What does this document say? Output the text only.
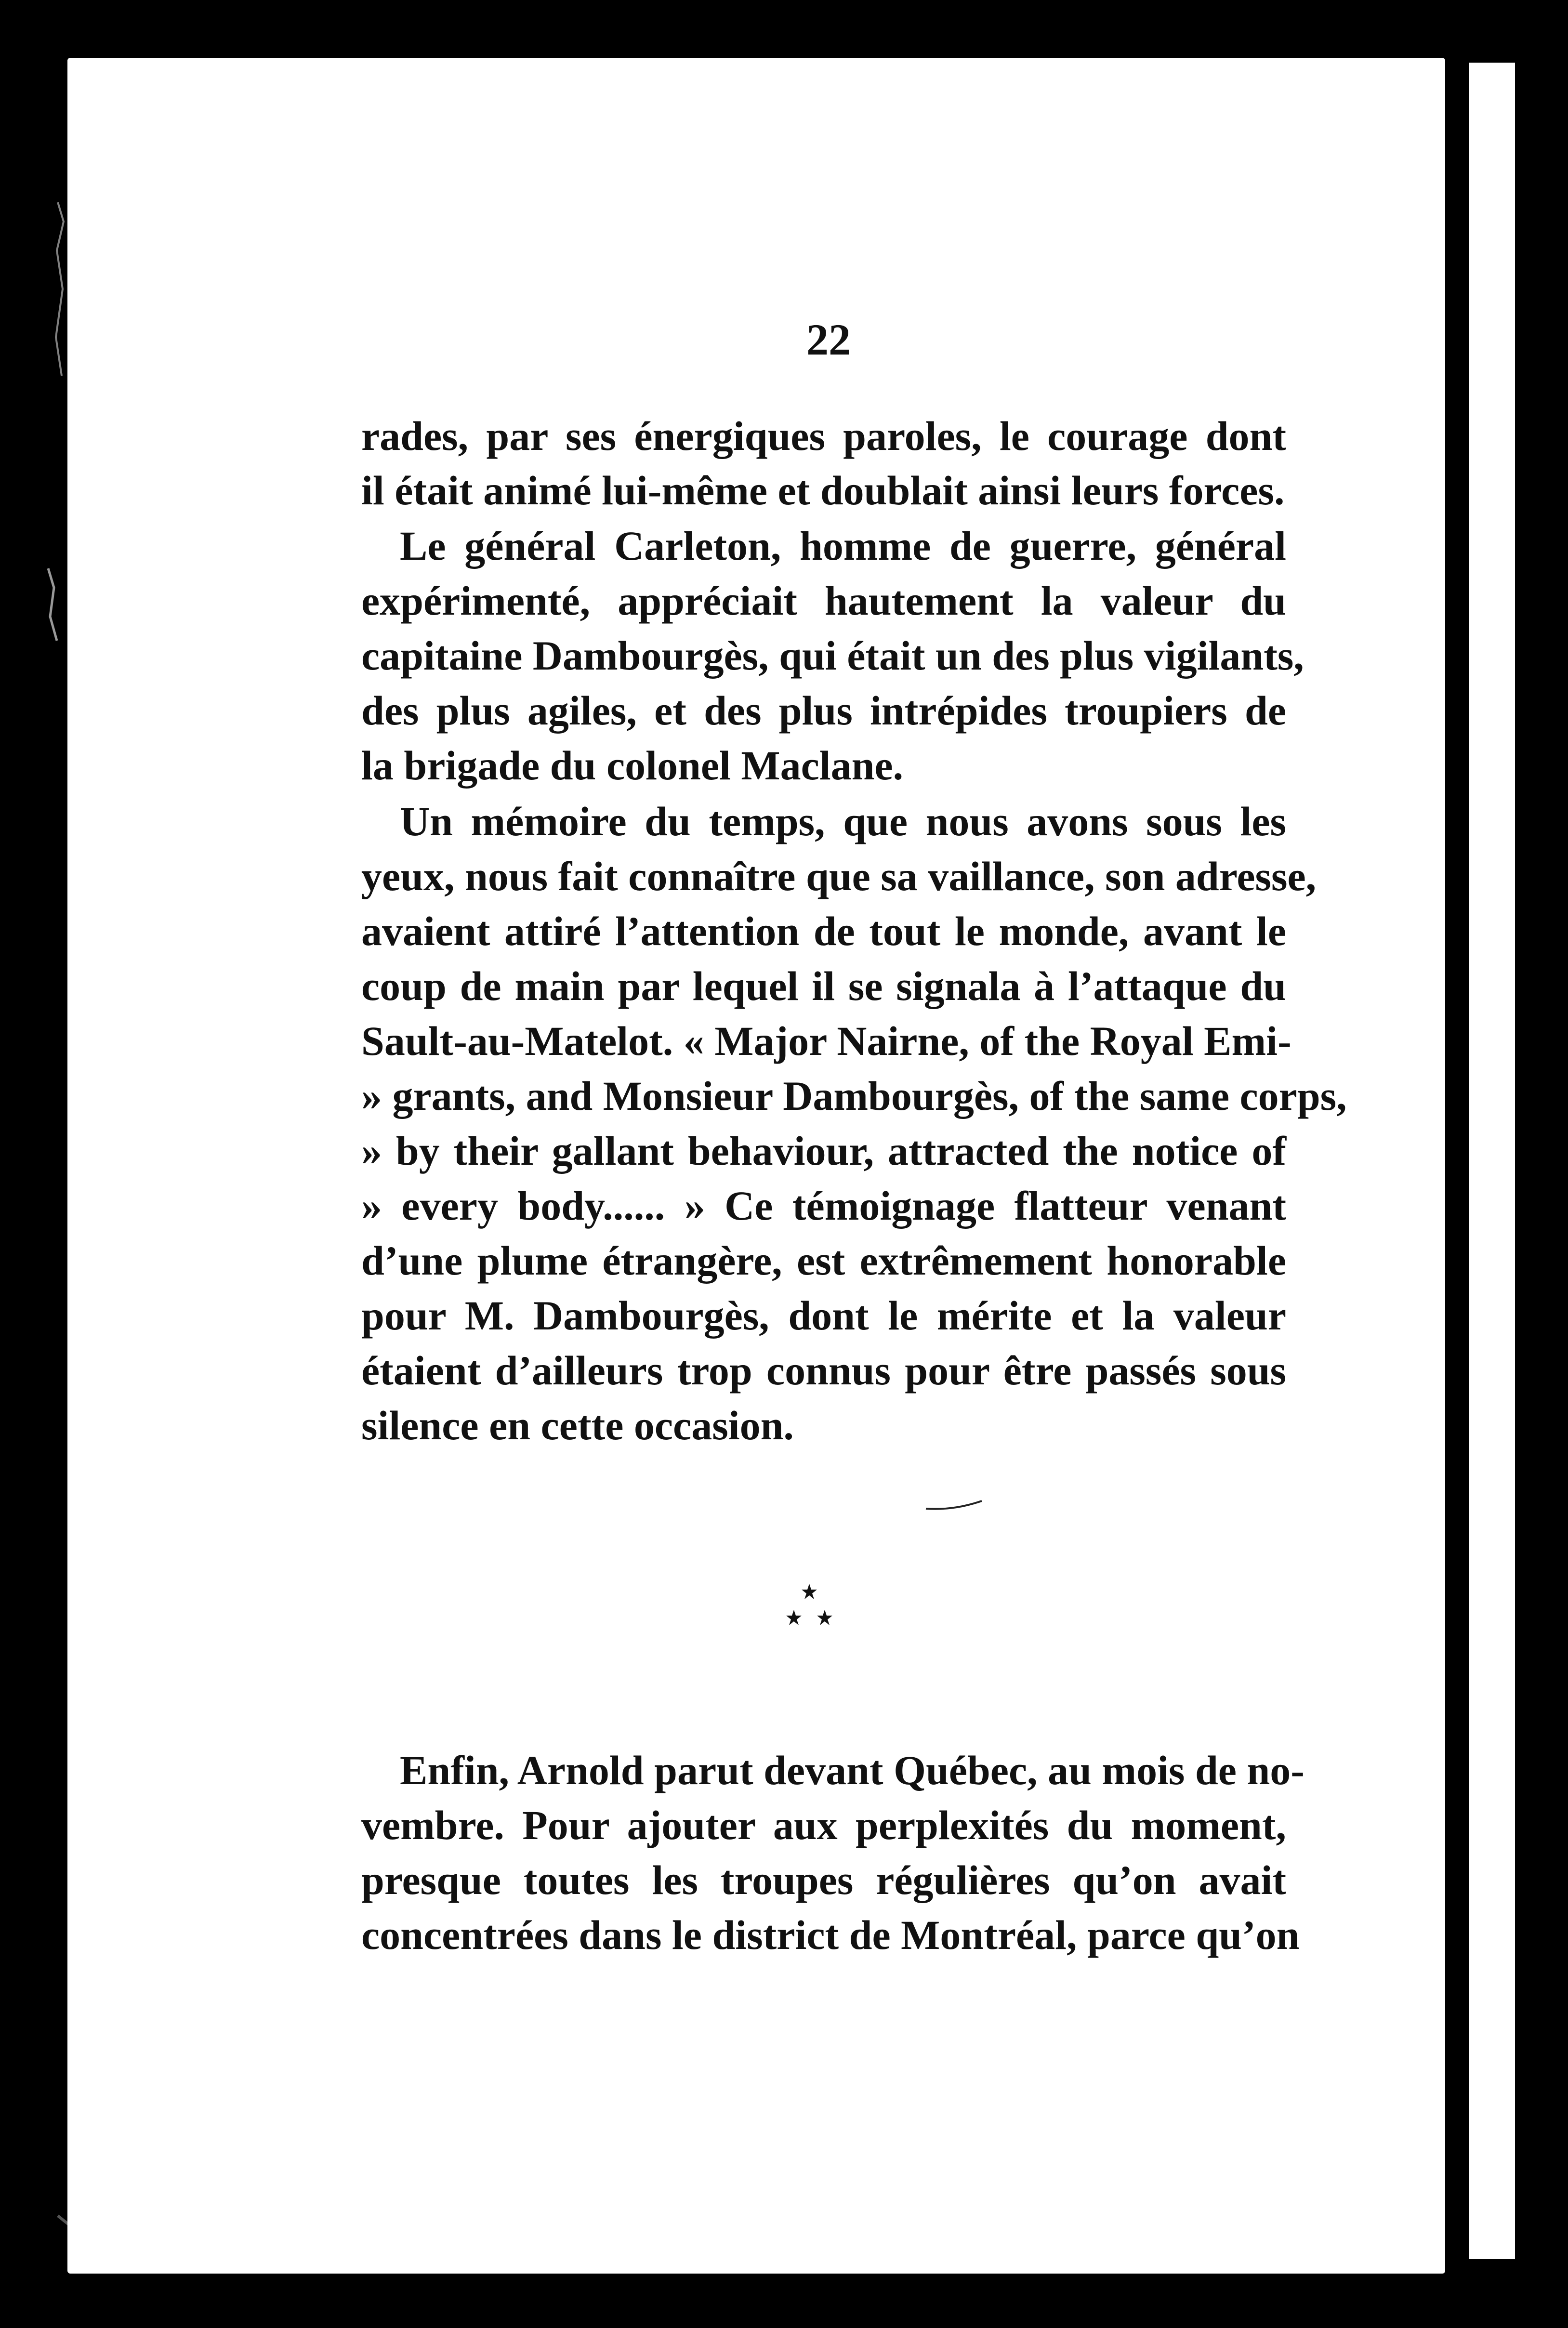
22
rades, par ses énergiques paroles, le courage dont
il était animé lui-même et doublait ainsi leurs forces.
Le général Carleton, homme de guerre, général
expérimenté, appréciait hautement la valeur du
capitaine Dambourgès, qui était un des plus vigilants,
des plus agiles, et des plus intrépides troupiers de
la brigade du colonel Maclane.
Un mémoire du temps, que nous avons sous les
yeux, nous fait connaître que sa vaillance, son adresse,
avaient attiré l’attention de tout le monde, avant le
coup de main par lequel il se signala à l’attaque du
Sault-au-Matelot. « Major Nairne, of the Royal Emi-
» grants, and Monsieur Dambourgès, of the same corps,
» by their gallant behaviour, attracted the notice of
» every body...... » Ce témoignage flatteur venant
d’une plume étrangère, est extrêmement honorable
pour M. Dambourgès, dont le mérite et la valeur
étaient d’ailleurs trop connus pour être passés sous
silence en cette occasion.
Enfin, Arnold parut devant Québec, au mois de no-
vembre. Pour ajouter aux perplexités du moment,
presque toutes les troupes régulières qu’on avait
concentrées dans le district de Montréal, parce qu’on
